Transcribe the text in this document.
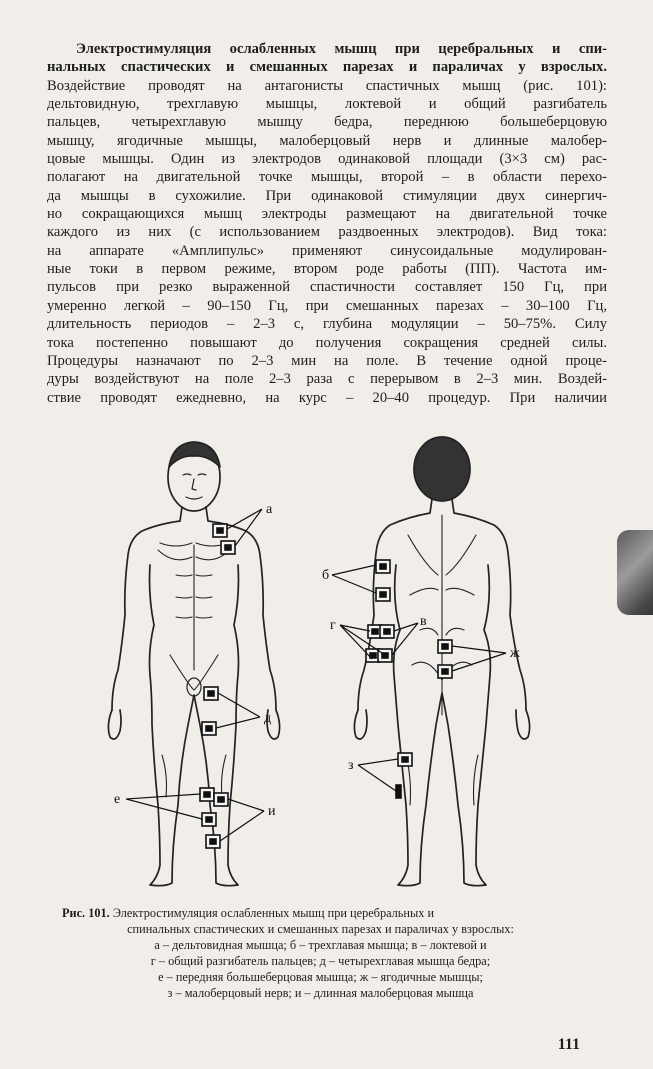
Электростимуляция ослабленных мышц при церебральных и спи-
нальных спастических и смешанных парезах и параличах у взрослых.
Воздействие проводят на антагонисты спастичных мышц (рис. 101):
дельтовидную, трехглавую мышцы, локтевой и общий разгибатель
пальцев, четырехглавую мышцу бедра, переднюю большеберцовую
мышцу, ягодичные мышцы, малоберцовый нерв и длинные малобер-
цовые мышцы. Один из электродов одинаковой площади (3×3 см) рас-
полагают на двигательной точке мышцы, второй – в области перехо-
да мышцы в сухожилие. При одинаковой стимуляции двух синергич-
но сокращающихся мышц электроды размещают на двигательной точке
каждого из них (с использованием раздвоенных электродов). Вид тока:
на аппарате «Амплипульс» применяют синусоидальные модулирован-
ные токи в первом режиме, втором роде работы (ПП). Частота им-
пульсов при резко выраженной спастичности составляет 150 Гц, при
умеренно легкой – 90–150 Гц, при смешанных парезах – 30–100 Гц,
длительность периодов – 2–3 с, глубина модуляции – 50–75%. Силу
тока постепенно повышают до получения сокращения средней силы.
Процедуры назначают по 2–3 мин на поле. В течение одной проце-
дуры воздействуют на поле 2–3 раза с перерывом в 2–3 мин. Воздей-
ствие проводят ежедневно, на курс – 20–40 процедур. При наличии
а
б
г	в
ж
д
е
и
з
Рис. 101. Электростимуляция ослабленных мышц при церебральных и
спинальных спастических и смешанных парезах и параличах у взрослых:
а – дельтовидная мышца; б – трехглавая мышца; в – локтевой и
г – общий разгибатель пальцев; д – четырехглавая мышца бедра;
е – передняя большеберцовая мышца; ж – ягодичные мышцы;
з – малоберцовый нерв; и – длинная малоберцовая мышца
111
